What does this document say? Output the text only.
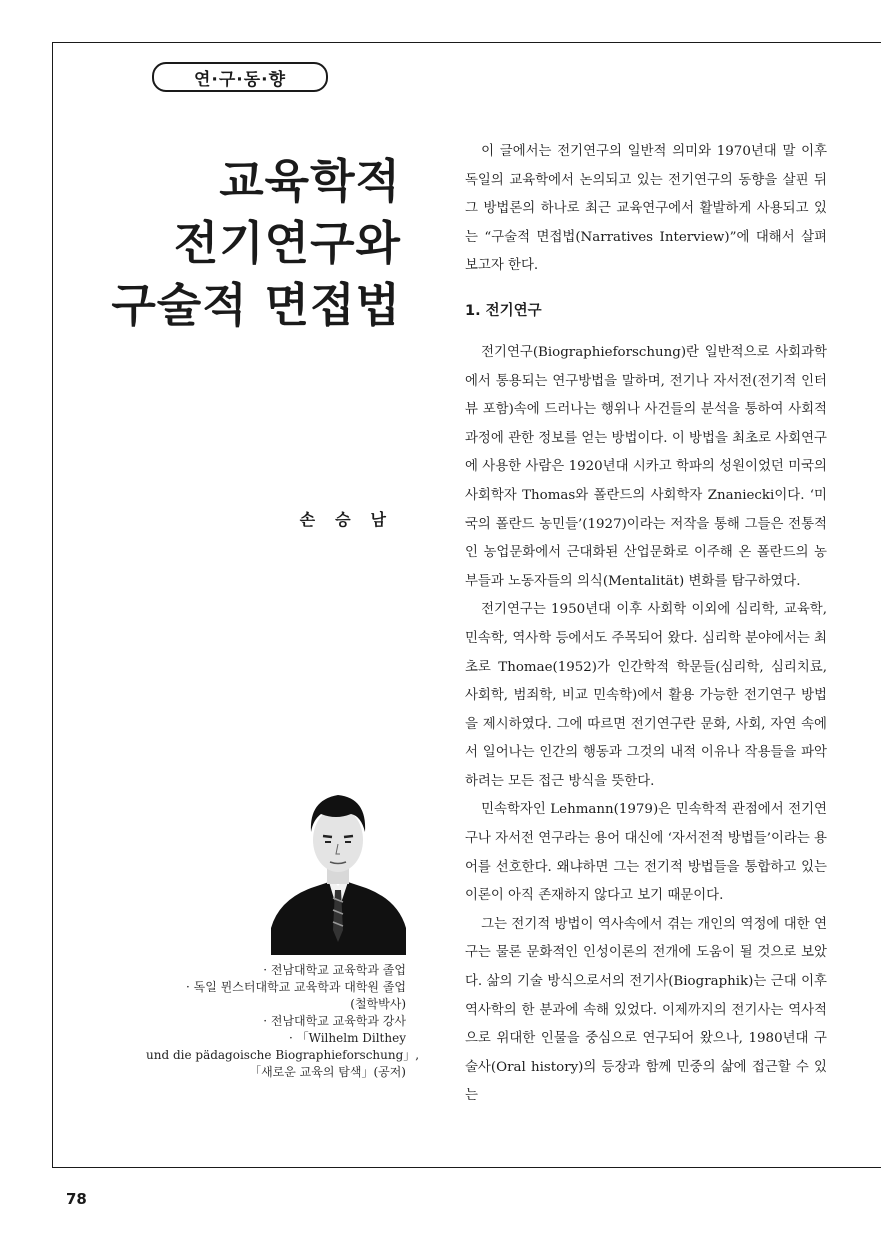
연·구·동·향
교육학적
전기연구와
구술적 면접법
손승남
· 전남대학교 교육학과 졸업
· 독일 뮌스터대학교 교육학과 대학원 졸업
(철학박사)
· 전남대학교 교육학과 강사
· 「Wilhelm Dilthey
und die pädagoische Biographieforschung」,
「새로운 교육의 탐색」(공저)

이 글에서는 전기연구의 일반적 의미와 1970년대 말 이후 독일의 교육학에서 논의되고 있는 전기연구의 동향을 살핀 뒤 그 방법론의 하나로 최근 교육연구에서 활발하게 사용되고 있는 “구술적 면접법(Narratives Interview)”에 대해서 살펴 보고자 한다.

1. 전기연구

전기연구(Biographieforschung)란 일반적으로 사회과학에서 통용되는 연구방법을 말하며, 전기나 자서전(전기적 인터뷰 포함)속에 드러나는 행위나 사건들의 분석을 통하여 사회적 과정에 관한 정보를 얻는 방법이다. 이 방법을 최초로 사회연구에 사용한 사람은 1920년대 시카고 학파의 성원이었던 미국의 사회학자 Thomas와 폴란드의 사회학자 Znaniecki이다. ‘미국의 폴란드 농민들’(1927)이라는 저작을 통해 그들은 전통적인 농업문화에서 근대화된 산업문화로 이주해 온 폴란드의 농부들과 노동자들의 의식(Mentalität) 변화를 탐구하였다.

전기연구는 1950년대 이후 사회학 이외에 심리학, 교육학, 민속학, 역사학 등에서도 주목되어 왔다. 심리학 분야에서는 최초로 Thomae(1952)가 인간학적 학문들(심리학, 심리치료, 사회학, 범죄학, 비교 민속학)에서 활용 가능한 전기연구 방법을 제시하였다. 그에 따르면 전기연구란 문화, 사회, 자연 속에서 일어나는 인간의 행동과 그것의 내적 이유나 작용들을 파악하려는 모든 접근 방식을 뜻한다.

민속학자인 Lehmann(1979)은 민속학적 관점에서 전기연구나 자서전 연구라는 용어 대신에 ‘자서전적 방법들’이라는 용어를 선호한다. 왜냐하면 그는 전기적 방법들을 통합하고 있는 이론이 아직 존재하지 않다고 보기 때문이다.

그는 전기적 방법이 역사속에서 겪는 개인의 역정에 대한 연구는 물론 문화적인 인성이론의 전개에 도움이 될 것으로 보았다. 삶의 기술 방식으로서의 전기사(Biographik)는 근대 이후 역사학의 한 분과에 속해 있었다. 이제까지의 전기사는 역사적으로 위대한 인물을 중심으로 연구되어 왔으나, 1980년대 구술사(Oral history)의 등장과 함께 민중의 삶에 접근할 수 있는

78
